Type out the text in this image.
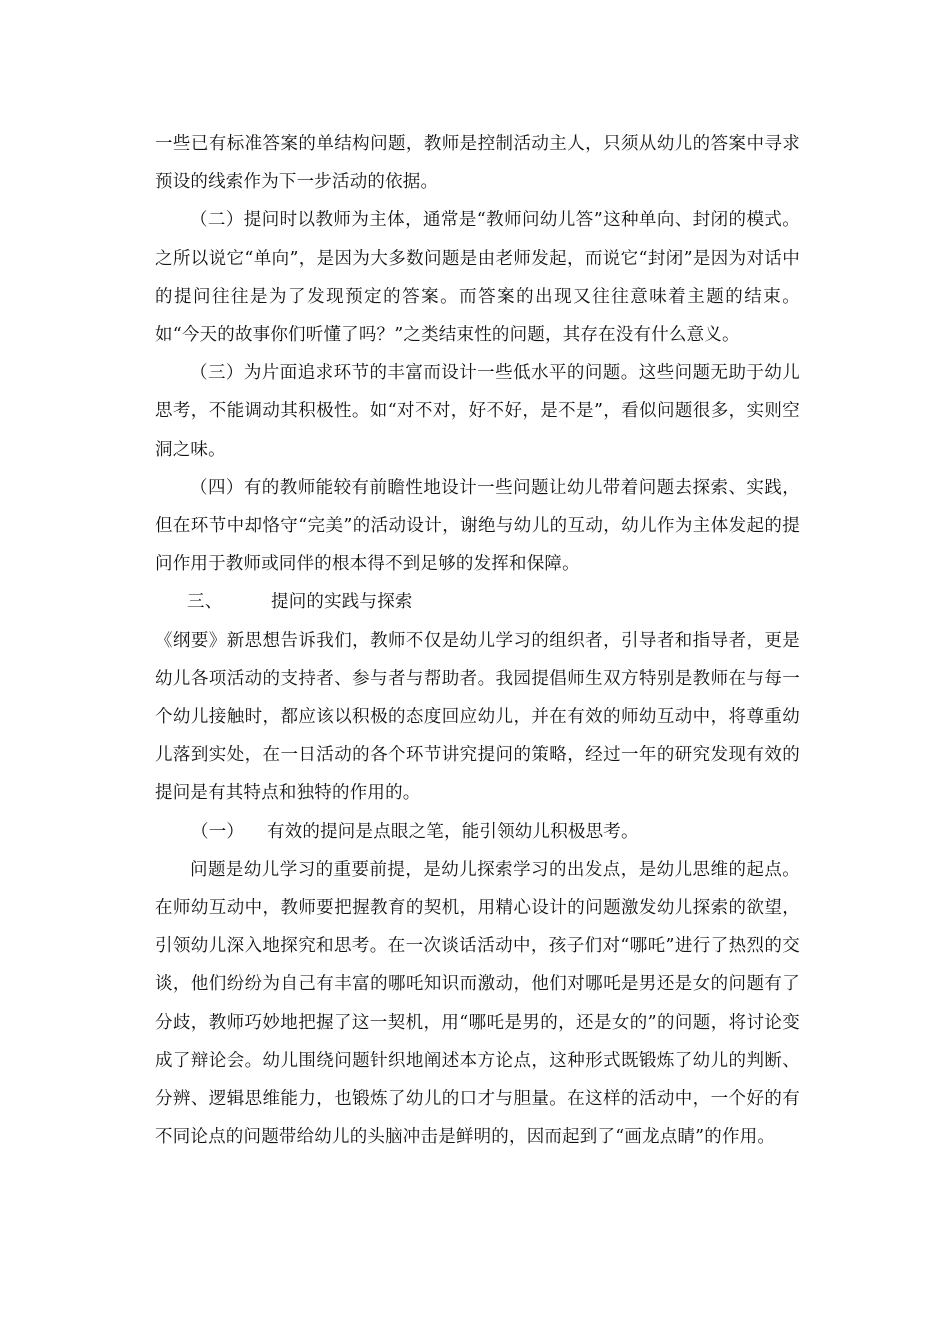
一些已有标准答案的单结构问题，教师是控制活动主人，只须从幼儿的答案中寻求预设的线索作为下一步活动的依据。

（二）提问时以教师为主体，通常是“教师问幼儿答”这种单向、封闭的模式。之所以说它“单向”，是因为大多数问题是由老师发起，而说它“封闭”是因为对话中的提问往往是为了发现预定的答案。而答案的出现又往往意味着主题的结束。如“今天的故事你们听懂了吗？”之类结束性的问题，其存在没有什么意义。

（三）为片面追求环节的丰富而设计一些低水平的问题。这些问题无助于幼儿思考，不能调动其积极性。如“对不对，好不好，是不是”，看似问题很多，实则空洞之味。

（四）有的教师能较有前瞻性地设计一些问题让幼儿带着问题去探索、实践，但在环节中却恪守“完美”的活动设计，谢绝与幼儿的互动，幼儿作为主体发起的提问作用于教师或同伴的根本得不到足够的发挥和保障。

三、	提问的实践与探索

《纲要》新思想告诉我们，教师不仅是幼儿学习的组织者，引导者和指导者，更是幼儿各项活动的支持者、参与者与帮助者。我园提倡师生双方特别是教师在与每一个幼儿接触时，都应该以积极的态度回应幼儿，并在有效的师幼互动中，将尊重幼儿落到实处，在一日活动的各个环节讲究提问的策略，经过一年的研究发现有效的提问是有其特点和独特的作用的。

（一） 有效的提问是点眼之笔，能引领幼儿积极思考。

问题是幼儿学习的重要前提，是幼儿探索学习的出发点，是幼儿思维的起点。在师幼互动中，教师要把握教育的契机，用精心设计的问题激发幼儿探索的欲望，引领幼儿深入地探究和思考。在一次谈话活动中，孩子们对“哪吒”进行了热烈的交谈，他们纷纷为自己有丰富的哪吒知识而激动，他们对哪吒是男还是女的问题有了分歧，教师巧妙地把握了这一契机，用“哪吒是男的，还是女的”的问题，将讨论变成了辩论会。幼儿围绕问题针织地阐述本方论点，这种形式既锻炼了幼儿的判断、分辨、逻辑思维能力，也锻炼了幼儿的口才与胆量。在这样的活动中，一个好的有不同论点的问题带给幼儿的头脑冲击是鲜明的，因而起到了“画龙点睛”的作用。
